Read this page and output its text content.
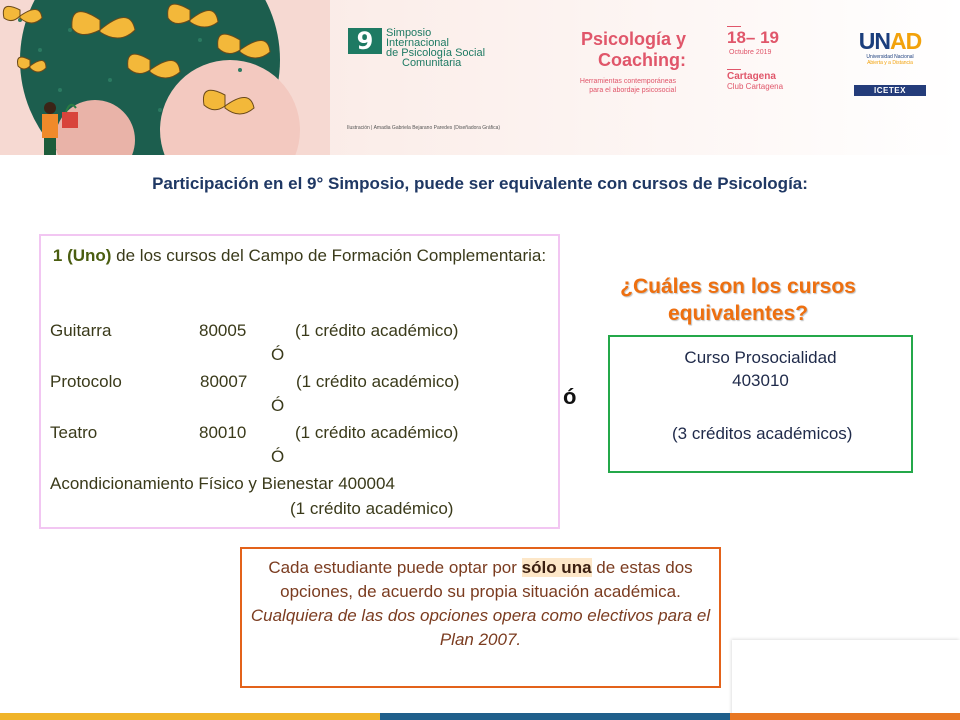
9	Simposio
Internacional
de Psicología Social
Comunitaria
Ilustración | Amadia Gabriela Bejarano Paredes (Diseñadora Gráfica)
Psicología y
Coaching:
Herramientas contemporáneas
para el abordaje psicosocial
18– 19
Octubre 2019
Cartagena
Club Cartagena
UNAD
Universidad Nacional
Abierta y a Distancia
ICETEX
Participación en el 9° Simposio, puede ser equivalente con cursos de Psicología:
1 (Uno) de los cursos del Campo de Formación Complementaria:
Guitarra	80005	(1 crédito académico)
Ó
Protocolo	80007	(1 crédito académico)
Ó
Teatro	80010	(1 crédito académico)
Ó
Acondicionamiento Físico y Bienestar 400004
(1 crédito académico)
ó
¿Cuáles son los cursos equivalentes?
Curso Prosocialidad
403010
(3 créditos académicos)
Cada estudiante puede optar por sólo una de estas dos opciones, de acuerdo su propia situación académica.
Cualquiera de las dos opciones opera como electivos para el Plan 2007.
